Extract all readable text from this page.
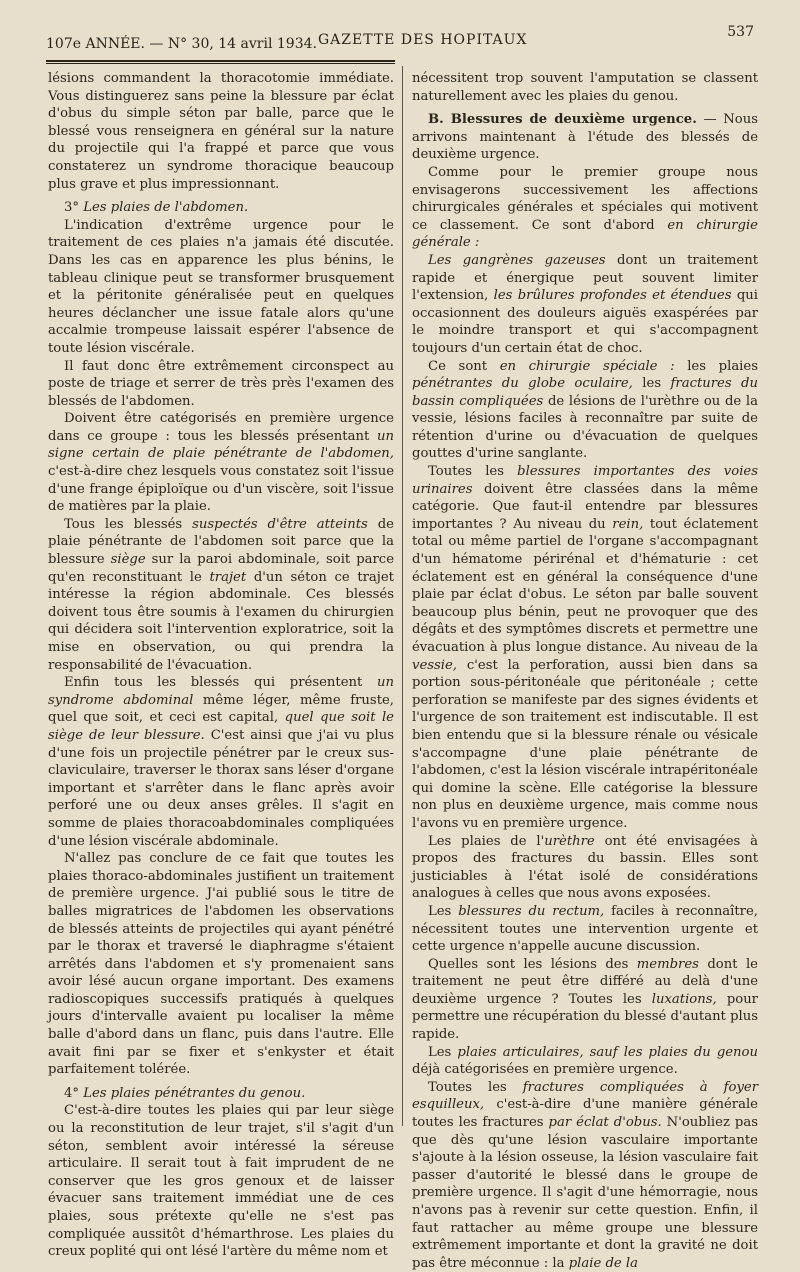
107e ANNÉE. — N° 30, 14 avril 1934. GAZETTE DES HOPITAUX	537

lésions commandent la thoracotomie immédiate. Vous distinguerez sans peine la blessure par éclat d'obus du simple séton par balle, parce que le blessé vous renseignera en général sur la nature du projectile qui l'a frappé et parce que vous constaterez un syndrome thoracique beaucoup plus grave et plus impressionnant.

3° Les plaies de l'abdomen.

L'indication d'extrême urgence pour le traitement de ces plaies n'a jamais été discutée. Dans les cas en apparence les plus bénins, le tableau clinique peut se transformer brusquement et la péritonite généralisée peut en quelques heures déclancher une issue fatale alors qu'une accalmie trompeuse laissait espérer l'absence de toute lésion viscérale.

Il faut donc être extrêmement circonspect au poste de triage et serrer de très près l'examen des blessés de l'abdomen.

Doivent être catégorisés en première urgence dans ce groupe : tous les blessés présentant un signe certain de plaie pénétrante de l'abdomen, c'est-à-dire chez lesquels vous constatez soit l'issue d'une frange épiploïque ou d'un viscère, soit l'issue de matières par la plaie.

Tous les blessés suspectés d'être atteints de plaie pénétrante de l'abdomen soit parce que la blessure siège sur la paroi abdominale, soit parce qu'en reconstituant le trajet d'un séton ce trajet intéresse la région abdominale. Ces blessés doivent tous être soumis à l'examen du chirurgien qui décidera soit l'intervention exploratrice, soit la mise en observation, ou qui prendra la responsabilité de l'évacuation.

Enfin tous les blessés qui présentent un syndrome abdominal même léger, même fruste, quel que soit, et ceci est capital, quel que soit le siège de leur blessure. C'est ainsi que j'ai vu plus d'une fois un projectile pénétrer par le creux sus-claviculaire, traverser le thorax sans léser d'organe important et s'arrêter dans le flanc après avoir perforé une ou deux anses grêles. Il s'agit en somme de plaies thoracoabdominales compliquées d'une lésion viscérale abdominale.

N'allez pas conclure de ce fait que toutes les plaies thoraco-abdominales justifient un traitement de première urgence. J'ai publié sous le titre de balles migratrices de l'abdomen les observations de blessés atteints de projectiles qui ayant pénétré par le thorax et traversé le diaphragme s'étaient arrêtés dans l'abdomen et s'y promenaient sans avoir lésé aucun organe important. Des examens radioscopiques successifs pratiqués à quelques jours d'intervalle avaient pu localiser la même balle d'abord dans un flanc, puis dans l'autre. Elle avait fini par se fixer et s'enkyster et était parfaitement tolérée.

4° Les plaies pénétrantes du genou.

C'est-à-dire toutes les plaies qui par leur siège ou la reconstitution de leur trajet, s'il s'agit d'un séton, semblent avoir intéressé la séreuse articulaire. Il serait tout à fait imprudent de ne conserver que les gros genoux et de laisser évacuer sans traitement immédiat une de ces plaies, sous prétexte qu'elle ne s'est pas compliquée aussitôt d'hémarthrose. Les plaies du creux poplité qui ont lésé l'artère du même nom et

nécessitent trop souvent l'amputation se classent naturellement avec les plaies du genou.

B. Blessures de deuxième urgence. — Nous arrivons maintenant à l'étude des blessés de deuxième urgence.

Comme pour le premier groupe nous envisagerons successivement les affections chirurgicales générales et spéciales qui motivent ce classement. Ce sont d'abord en chirurgie générale :

Les gangrènes gazeuses dont un traitement rapide et énergique peut souvent limiter l'extension, les brûlures profondes et étendues qui occasionnent des douleurs aiguës exaspérées par le moindre transport et qui s'accompagnent toujours d'un certain état de choc.

Ce sont en chirurgie spéciale : les plaies pénétrantes du globe oculaire, les fractures du bassin compliquées de lésions de l'urèthre ou de la vessie, lésions faciles à reconnaître par suite de rétention d'urine ou d'évacuation de quelques gouttes d'urine sanglante.

Toutes les blessures importantes des voies urinaires doivent être classées dans la même catégorie. Que faut-il entendre par blessures importantes ? Au niveau du rein, tout éclatement total ou même partiel de l'organe s'accompagnant d'un hématome périrénal et d'hématurie : cet éclatement est en général la conséquence d'une plaie par éclat d'obus. Le séton par balle souvent beaucoup plus bénin, peut ne provoquer que des dégâts et des symptômes discrets et permettre une évacuation à plus longue distance. Au niveau de la vessie, c'est la perforation, aussi bien dans sa portion sous-péritonéale que péritonéale ; cette perforation se manifeste par des signes évidents et l'urgence de son traitement est indiscutable. Il est bien entendu que si la blessure rénale ou vésicale s'accompagne d'une plaie pénétrante de l'abdomen, c'est la lésion viscérale intrapéritonéale qui domine la scène. Elle catégorise la blessure non plus en deuxième urgence, mais comme nous l'avons vu en première urgence.

Les plaies de l'urèthre ont été envisagées à propos des fractures du bassin. Elles sont justiciables à l'état isolé de considérations analogues à celles que nous avons exposées.

Les blessures du rectum, faciles à reconnaître, nécessitent toutes une intervention urgente et cette urgence n'appelle aucune discussion.

Quelles sont les lésions des membres dont le traitement ne peut être différé au delà d'une deuxième urgence ? Toutes les luxations, pour permettre une récupération du blessé d'autant plus rapide.

Les plaies articulaires, sauf les plaies du genou déjà catégorisées en première urgence.

Toutes les fractures compliquées à foyer esquilleux, c'est-à-dire d'une manière générale toutes les fractures par éclat d'obus. N'oubliez pas que dès qu'une lésion vasculaire importante s'ajoute à la lésion osseuse, la lésion vasculaire fait passer d'autorité le blessé dans le groupe de première urgence. Il s'agit d'une hémorragie, nous n'avons pas à revenir sur cette question. Enfin, il faut rattacher au même groupe une blessure extrêmement importante et dont la gravité ne doit pas être méconnue : la plaie de la
